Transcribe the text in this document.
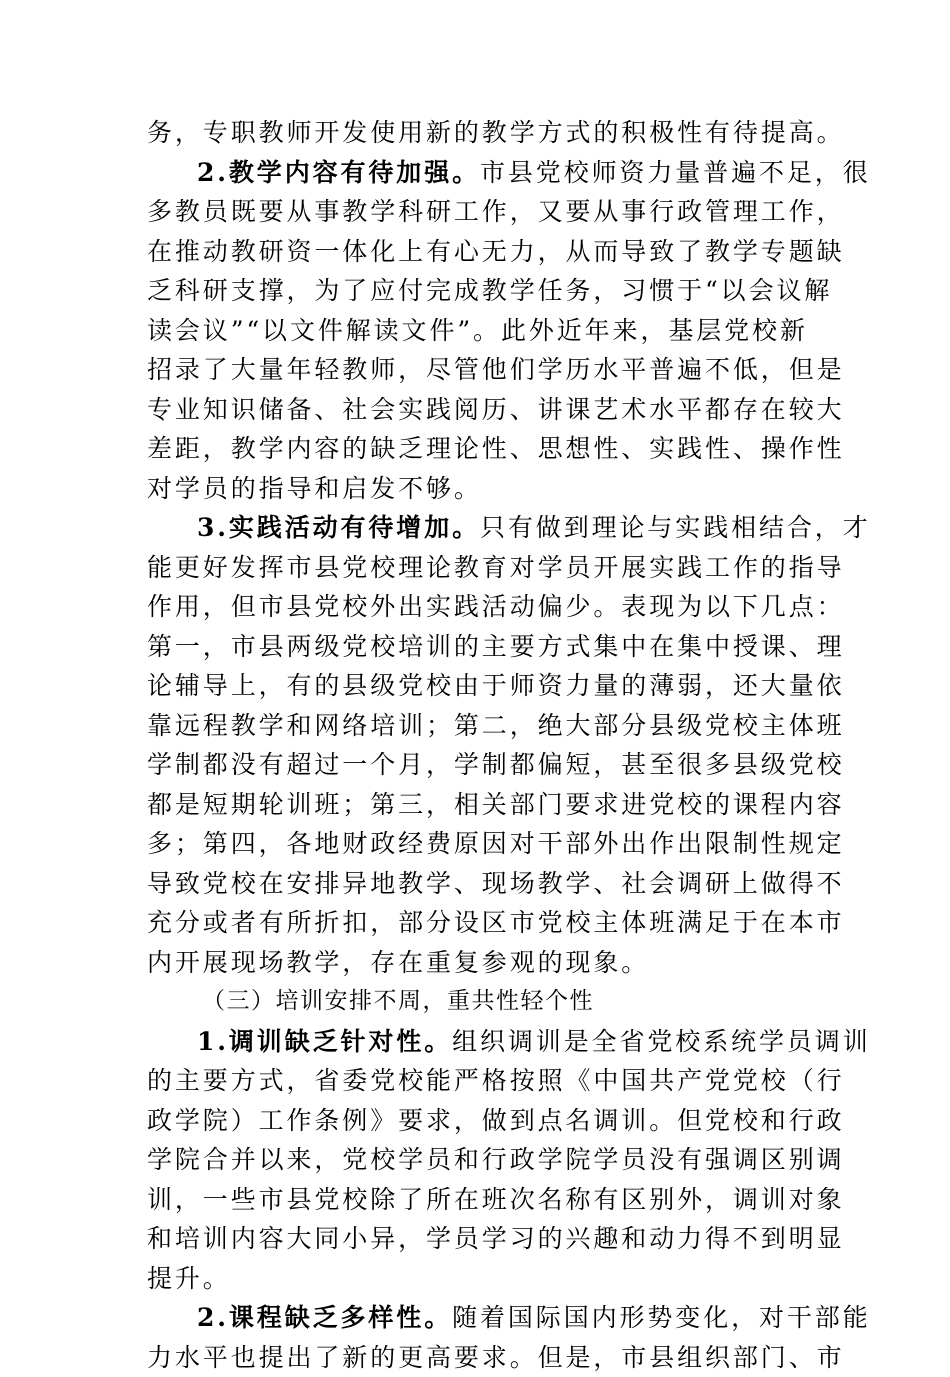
务，专职教师开发使用新的教学方式的积极性有待提高。
2.教学内容有待加强。市县党校师资力量普遍不足，很
多教员既要从事教学科研工作，又要从事行政管理工作，
在推动教研资一体化上有心无力，从而导致了教学专题缺
乏科研支撑，为了应付完成教学任务，习惯于“以会议解
读会议”“以文件解读文件”。此外近年来，基层党校新
招录了大量年轻教师，尽管他们学历水平普遍不低，但是
专业知识储备、社会实践阅历、讲课艺术水平都存在较大
差距，教学内容的缺乏理论性、思想性、实践性、操作性
对学员的指导和启发不够。
3.实践活动有待增加。只有做到理论与实践相结合，才
能更好发挥市县党校理论教育对学员开展实践工作的指导
作用，但市县党校外出实践活动偏少。表现为以下几点：
第一，市县两级党校培训的主要方式集中在集中授课、理
论辅导上，有的县级党校由于师资力量的薄弱，还大量依
靠远程教学和网络培训；第二，绝大部分县级党校主体班
学制都没有超过一个月，学制都偏短，甚至很多县级党校
都是短期轮训班；第三，相关部门要求进党校的课程内容
多；第四，各地财政经费原因对干部外出作出限制性规定
导致党校在安排异地教学、现场教学、社会调研上做得不
充分或者有所折扣，部分设区市党校主体班满足于在本市
内开展现场教学，存在重复参观的现象。
（三）培训安排不周，重共性轻个性
1.调训缺乏针对性。组织调训是全省党校系统学员调训
的主要方式，省委党校能严格按照《中国共产党党校（行
政学院）工作条例》要求，做到点名调训。但党校和行政
学院合并以来，党校学员和行政学院学员没有强调区别调
训，一些市县党校除了所在班次名称有区别外，调训对象
和培训内容大同小异，学员学习的兴趣和动力得不到明显
提升。
2.课程缺乏多样性。随着国际国内形势变化，对干部能
力水平也提出了新的更高要求。但是，市县组织部门、市
